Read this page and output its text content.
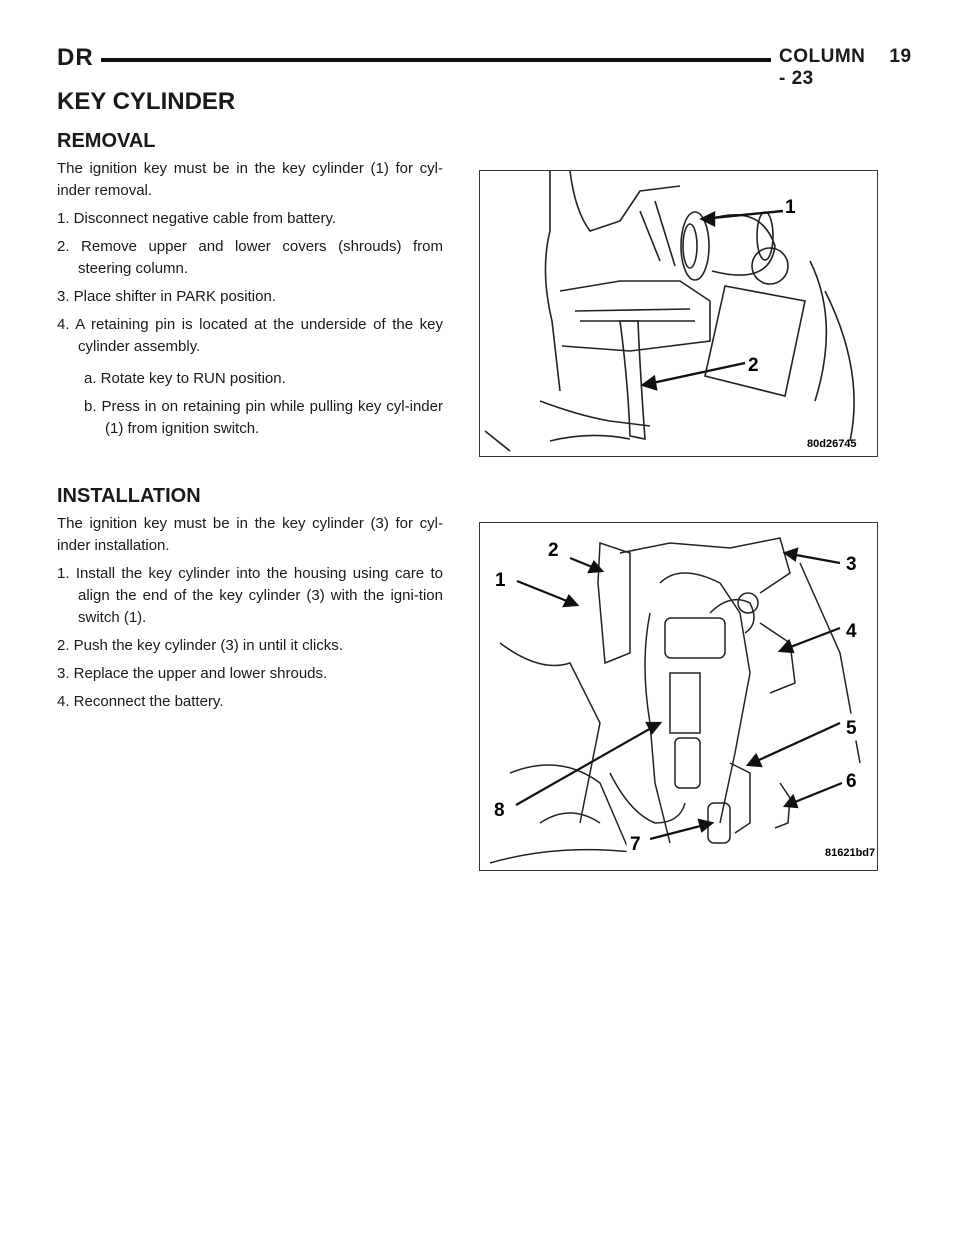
DR	COLUMN 19 - 23
KEY CYLINDER
REMOVAL

The ignition key must be in the key cylinder (1) for cyl-inder removal.

1. Disconnect negative cable from battery.

2. Remove upper and lower covers (shrouds) from steering column.

3. Place shifter in PARK position.

4. A retaining pin is located at the underside of the key cylinder assembly.

a. Rotate key to RUN position.

b. Press in on retaining pin while pulling key cyl-inder (1) from ignition switch.

1
2
80d26745
INSTALLATION

The ignition key must be in the key cylinder (3) for cyl-inder installation.

1. Install the key cylinder into the housing using care to align the end of the key cylinder (3) with the igni-tion switch (1).

2. Push the key cylinder (3) in until it clicks.

3. Replace the upper and lower shrouds.

4. Reconnect the battery.

1
2
3
4
5
6
7
8
81621bd7
